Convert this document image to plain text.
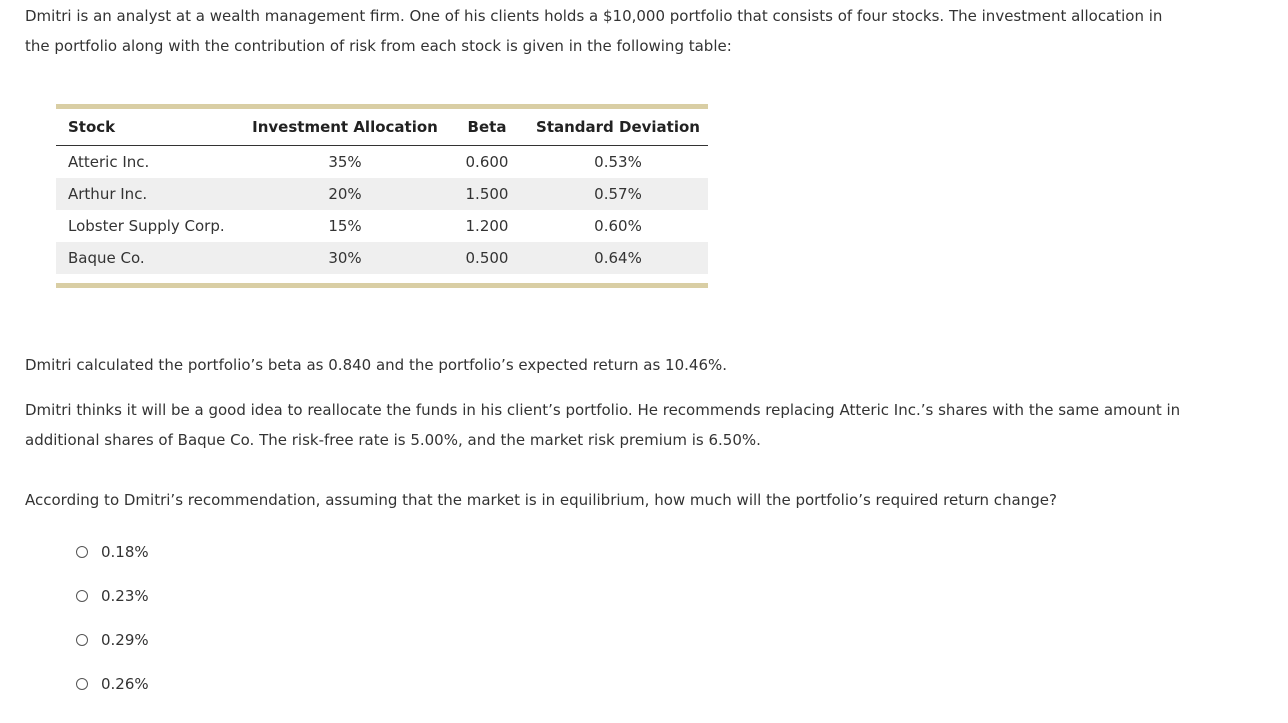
Dmitri is an analyst at a wealth management firm. One of his clients holds a $10,000 portfolio that consists of four stocks. The investment allocation in the portfolio along with the contribution of risk from each stock is given in the following table:

Stock	Investment Allocation	Beta	Standard Deviation
Atteric Inc.	35%	0.600	0.53%
Arthur Inc.	20%	1.500	0.57%
Lobster Supply Corp.	15%	1.200	0.60%
Baque Co.	30%	0.500	0.64%

Dmitri calculated the portfolio’s beta as 0.840 and the portfolio’s expected return as 10.46%.

Dmitri thinks it will be a good idea to reallocate the funds in his client’s portfolio. He recommends replacing Atteric Inc.’s shares with the same amount in additional shares of Baque Co. The risk-free rate is 5.00%, and the market risk premium is 6.50%.

According to Dmitri’s recommendation, assuming that the market is in equilibrium, how much will the portfolio’s required return change?

0.18%
0.23%
0.29%
0.26%
